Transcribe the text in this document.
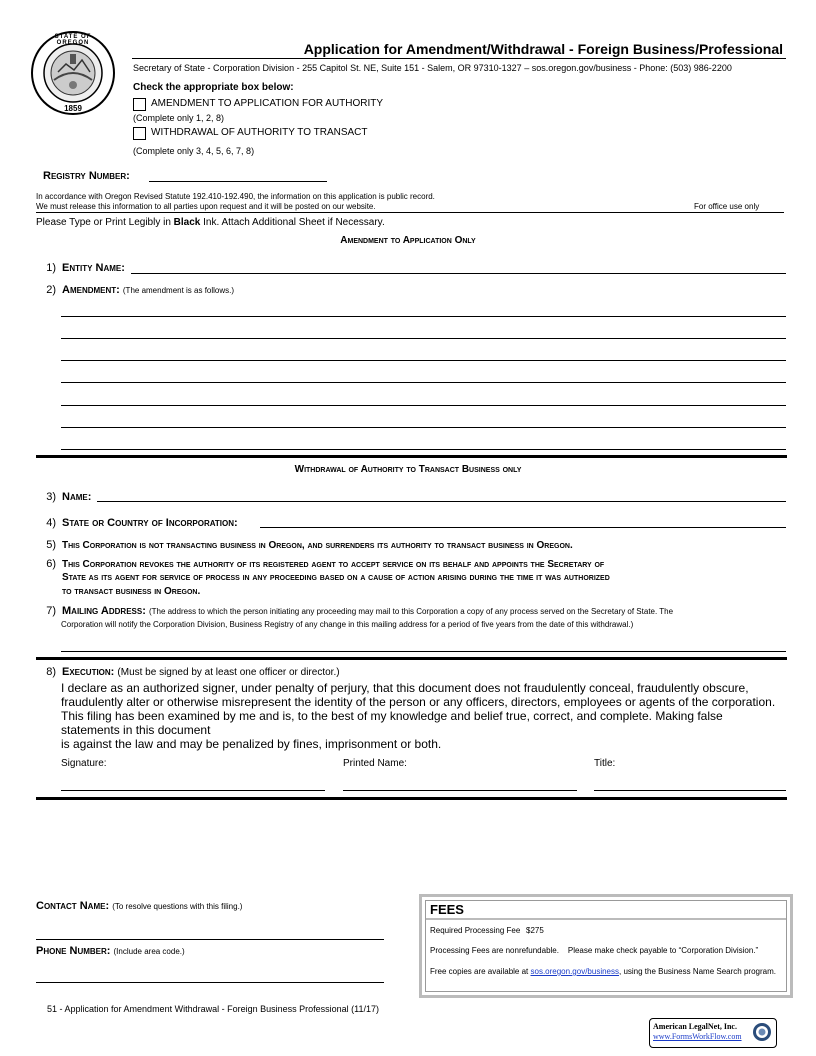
STATE OF OREGON
1859
Application for Amendment/Withdrawal - Foreign Business/Professional
Secretary of State - Corporation Division - 255 Capitol St. NE, Suite 151 - Salem, OR 97310-1327 – sos.oregon.gov/business - Phone: (503) 986-2200
Check the appropriate box below:
AMENDMENT TO APPLICATION FOR AUTHORITY
(Complete only 1, 2, 8)
WITHDRAWAL OF AUTHORITY TO TRANSACT
(Complete only 3, 4, 5, 6, 7, 8)
Registry Number:
In accordance with Oregon Revised Statute 192.410-192.490, the information on this application is public record.
We must release this information to all parties upon request and it will be posted on our website.	For office use only
Please Type or Print Legibly in Black Ink. Attach Additional Sheet if Necessary.
Amendment to Application Only
1) Entity Name:
2) Amendment: (The amendment is as follows.)
Withdrawal of Authority to Transact Business only
3) Name:
4) State or Country of Incorporation:
5) This Corporation is not transacting business in Oregon, and surrenders its authority to transact business in Oregon.
6) This Corporation revokes the authority of its registered agent to accept service on its behalf and appoints the Secretary of
State as its agent for service of process in any proceeding based on a cause of action arising during the time it was authorized
to transact business in Oregon.
7) Mailing Address: (The address to which the person initiating any proceeding may mail to this Corporation a copy of any process served on the Secretary of State. The
Corporation will notify the Corporation Division, Business Registry of any change in this mailing address for a period of five years from the date of this withdrawal.)
8) Execution: (Must be signed by at least one officer or director.)
I declare as an authorized signer, under penalty of perjury, that this document does not fraudulently conceal, fraudulently obscure,
fraudulently alter or otherwise misrepresent the identity of the person or any officers, directors, employees or agents of the corporation.
This filing has been examined by me and is, to the best of my knowledge and belief true, correct, and complete. Making false
statements in this document
is against the law and may be penalized by fines, imprisonment or both.
Signature:	Printed Name:	Title:
Contact Name: (To resolve questions with this filing.)
Phone Number: (Include area code.)
FEES
Required Processing Fee $275
Processing Fees are nonrefundable.    Please make check payable to “Corporation Division.”
Free copies are available at sos.oregon.gov/business, using the Business Name Search program.
51 - Application for Amendment Withdrawal - Foreign Business Professional (11/17)
American LegalNet, Inc.
www.FormsWorkFlow.com
